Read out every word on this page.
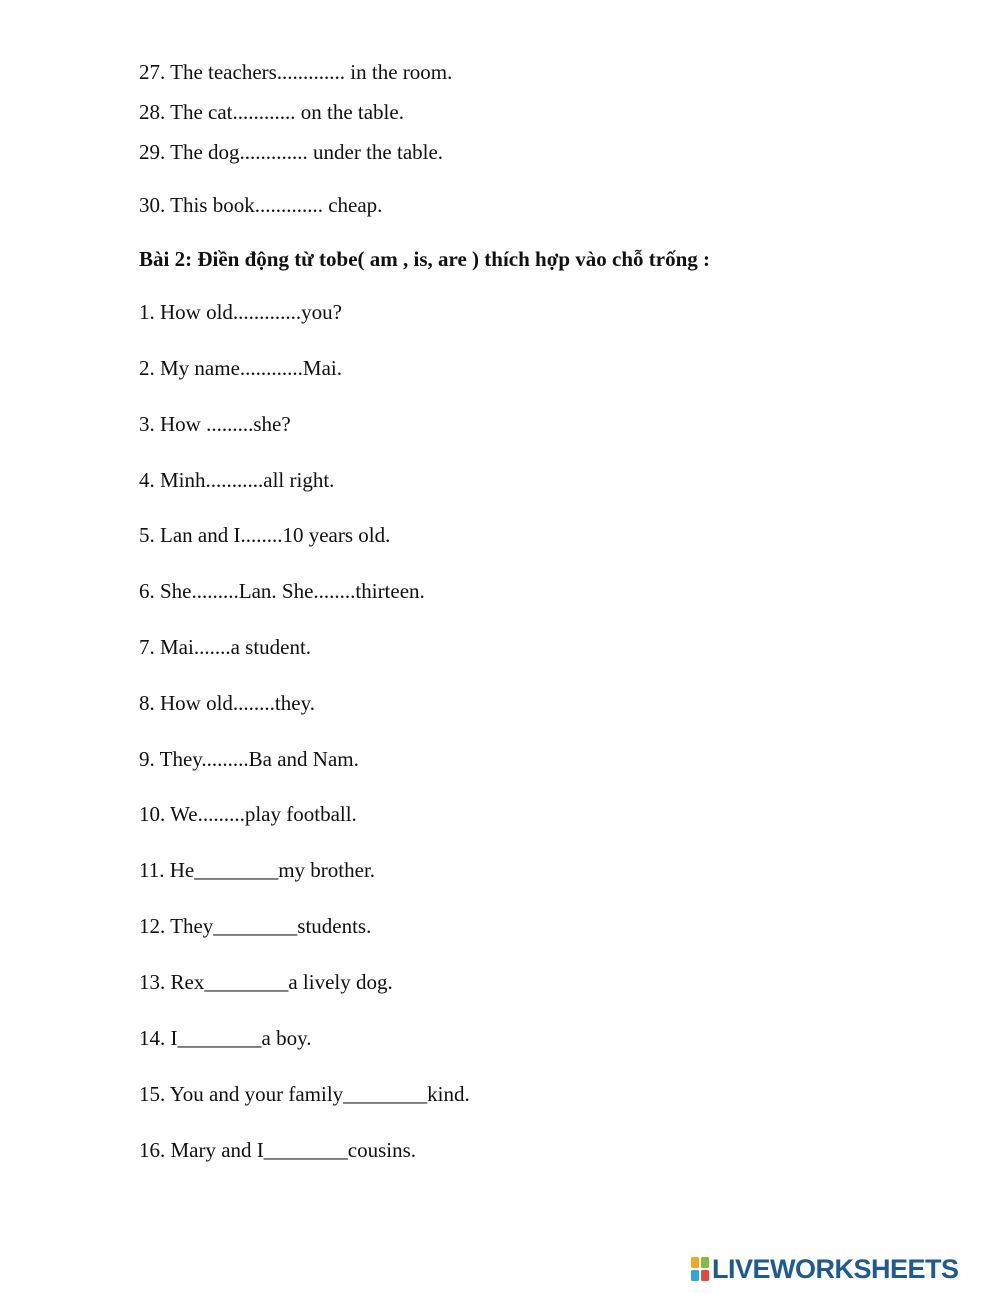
27. The teachers............. in the room.
28. The cat............ on the table.
29. The dog............. under the table.
30. This book............. cheap.
Bài 2: Điền động từ tobe( am , is, are ) thích hợp vào chỗ trống :
1. How old.............you?
2. My name............Mai.
3. How .........she?
4. Minh...........all right.
5. Lan and I........10 years old.
6. She.........Lan. She........thirteen.
7. Mai.......a student.
8. How old........they.
9. They.........Ba and Nam.
10. We.........play football.
11. He________my brother.
12. They________students.
13. Rex________a lively dog.
14. I________a boy.
15. You and your family________kind.
16. Mary and I________cousins.
LIVEWORKSHEETS
